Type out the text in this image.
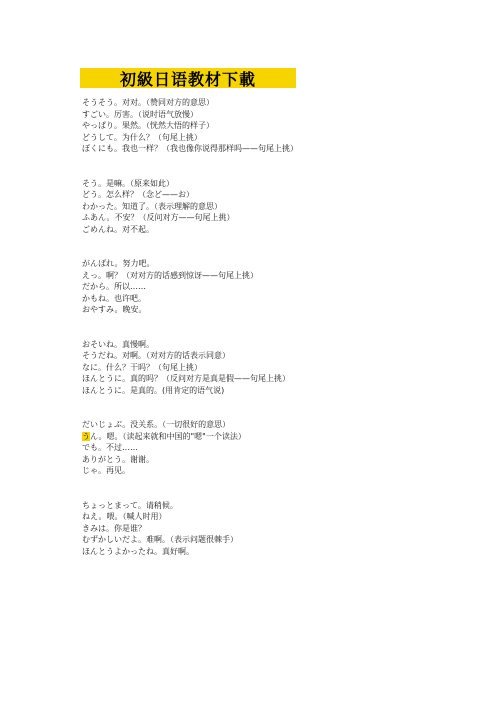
初級日语教材下載
そうそう。对对。（赞同对方的意思）
すごい。厉害。（说时语气放慢）
やっぱり。果然。（恍然大悟的样子）
どうして。为什么？（句尾上挑）
ぼくにも。我也一样？（我也像你说得那样吗——句尾上挑）
そう。是嘛。（原来如此）
どう。怎么样？（念ど——お）
わかった。知道了。（表示理解的意思）
ふあん。不安？（反问对方——句尾上挑）
ごめんね。对不起。
がんばれ。努力吧。
えっ。啊？（对对方的话感到惊讶——句尾上挑）
だから。所以……
かもね。也许吧。
おやすみ。晚安。
おそいね。真慢啊。
そうだね。对啊。（对对方的话表示同意）
なに。什么？干吗？（句尾上挑）
ほんとうに。真的吗？（反问对方是真是假——句尾上挑）
ほんとうに。是真的。(用肯定的语气说)
だいじょぶ。没关系。（一切很好的意思）
うん。嗯。（读起来就和中国的"嗯"一个读法）
でも。不过……
ありがとう。谢谢。
じゃ。再见。
ちょっとまって。请稍候。
ねえ。喂。（喊人时用）
きみは。你是谁？
むずかしいだよ。难啊。（表示问题很棘手）
ほんとうよかったね。真好啊。
